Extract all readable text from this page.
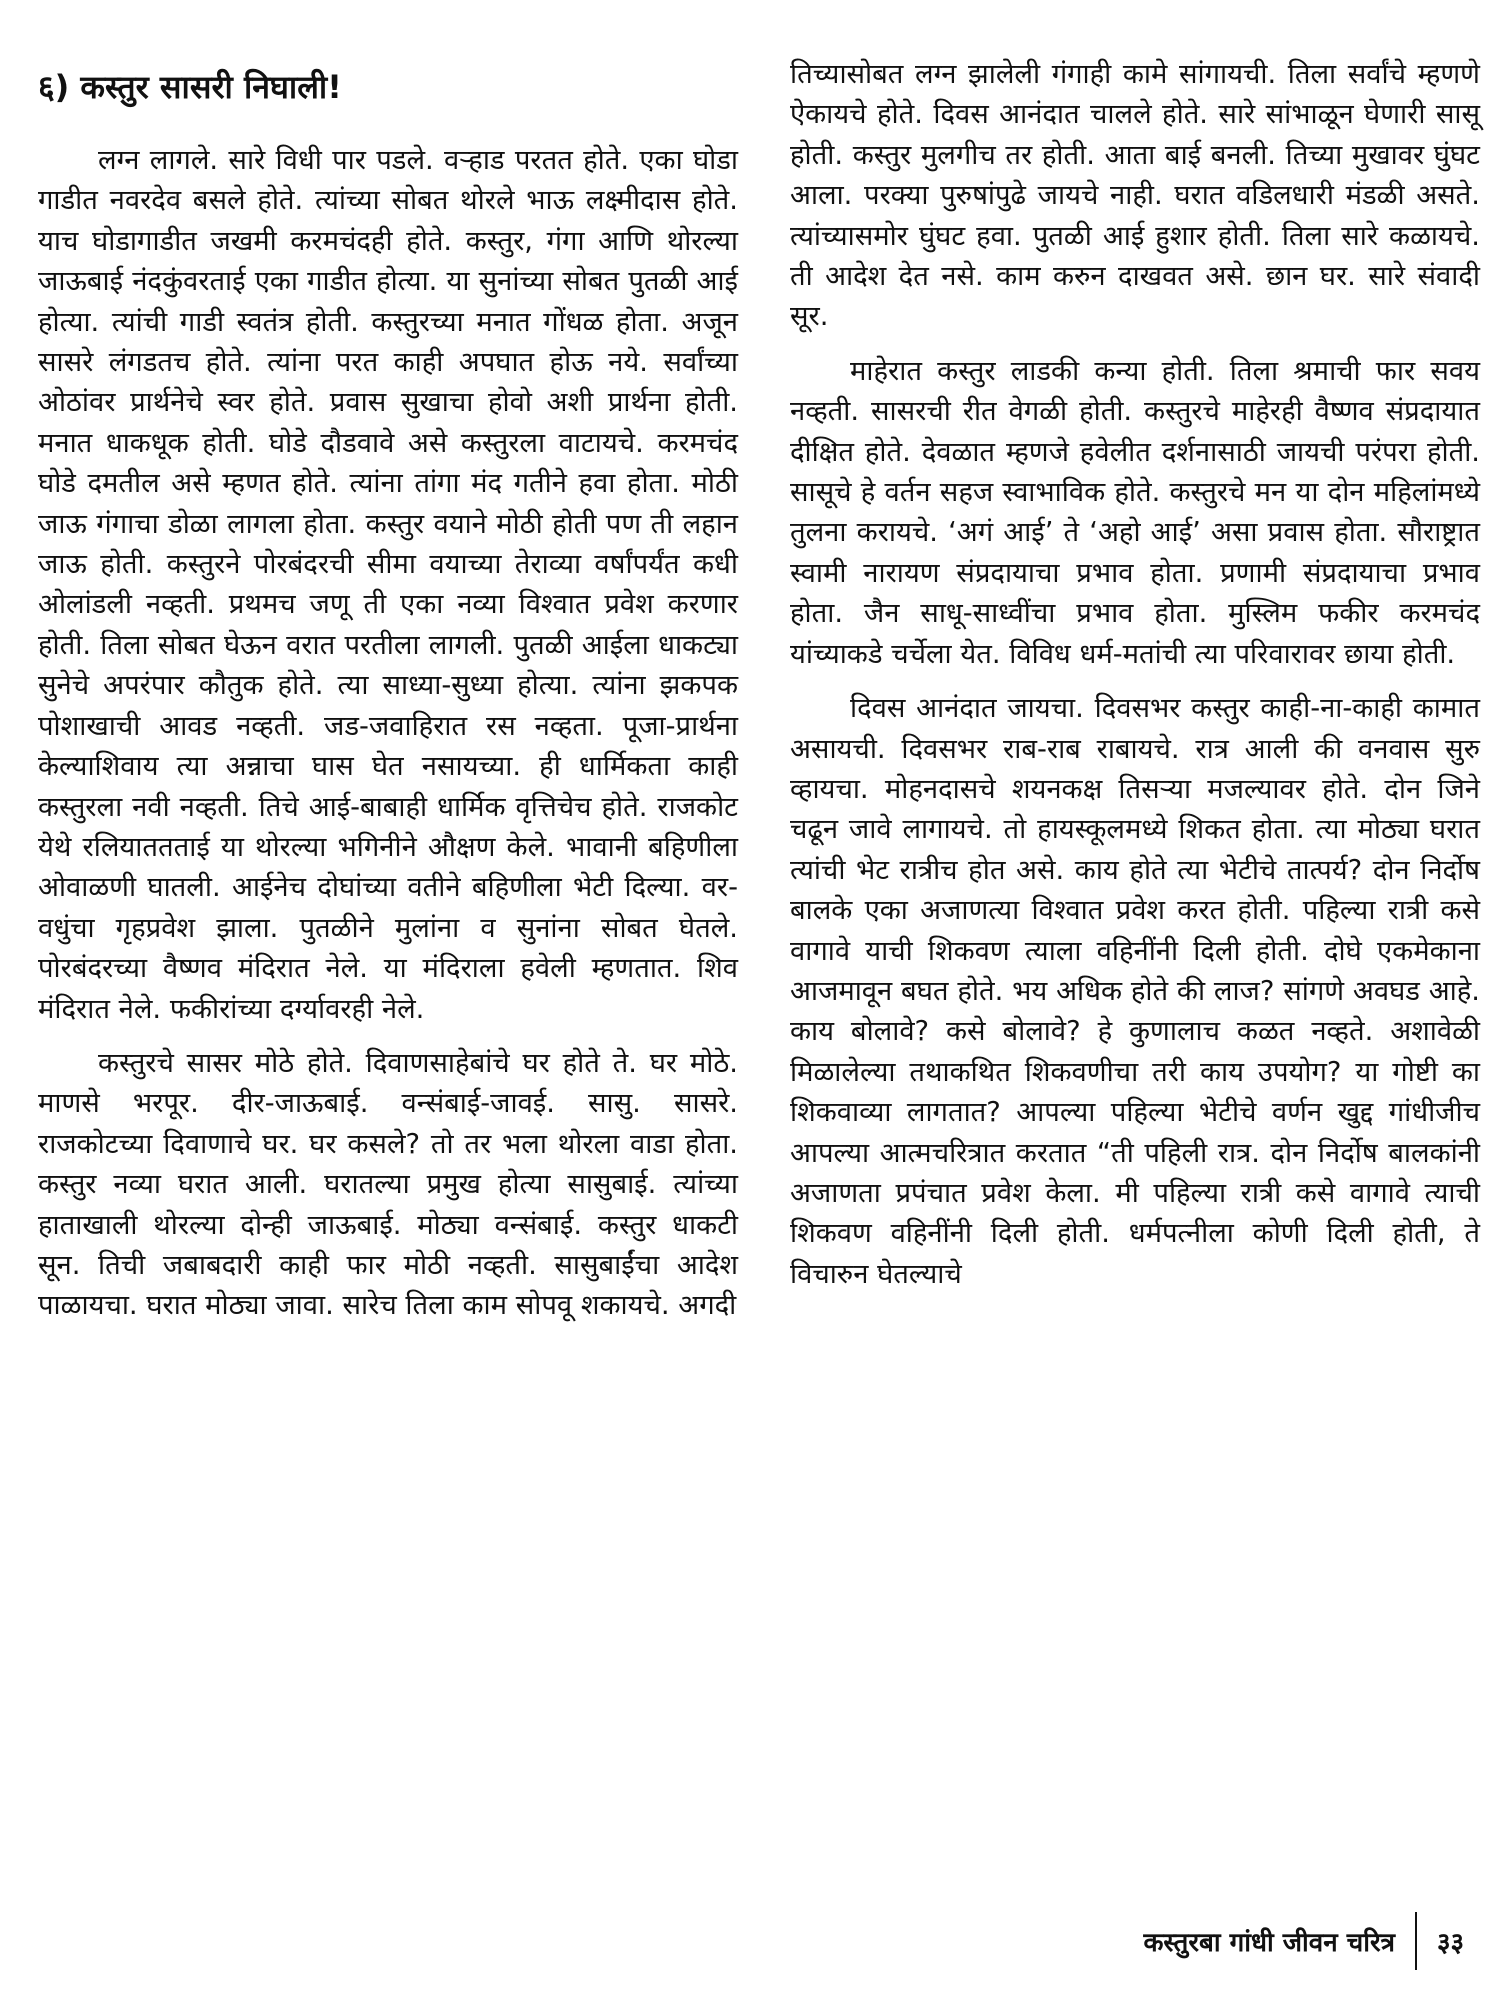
६) कस्तुर सासरी निघाली!

लग्न लागले. सारे विधी पार पडले. वऱ्हाड परतत होते. एका घोडा गाडीत नवरदेव बसले होते. त्यांच्या सोबत थोरले भाऊ लक्ष्मीदास होते. याच घोडागाडीत जखमी करमचंदही होते. कस्तुर, गंगा आणि थोरल्या जाऊबाई नंदकुंवरताई एका गाडीत होत्या. या सुनांच्या सोबत पुतळी आई होत्या. त्यांची गाडी स्वतंत्र होती. कस्तुरच्या मनात गोंधळ होता. अजून सासरे लंगडतच होते. त्यांना परत काही अपघात होऊ नये. सर्वांच्या ओठांवर प्रार्थनेचे स्वर होते. प्रवास सुखाचा होवो अशी प्रार्थना होती. मनात धाकधूक होती. घोडे दौडवावे असे कस्तुरला वाटायचे. करमचंद घोडे दमतील असे म्हणत होते. त्यांना तांगा मंद गतीने हवा होता. मोठी जाऊ गंगाचा डोळा लागला होता. कस्तुर वयाने मोठी होती पण ती लहान जाऊ होती. कस्तुरने पोरबंदरची सीमा वयाच्या तेराव्या वर्षांपर्यंत कधी ओलांडली नव्हती. प्रथमच जणू ती एका नव्या विश्वात प्रवेश करणार होती. तिला सोबत घेऊन वरात परतीला लागली. पुतळी आईला धाकट्या सुनेचे अपरंपार कौतुक होते. त्या साध्या-सुध्या होत्या. त्यांना झकपक पोशाखाची आवड नव्हती. जड-जवाहिरात रस नव्हता. पूजा-प्रार्थना केल्याशिवाय त्या अन्नाचा घास घेत नसायच्या. ही धार्मिकता काही कस्तुरला नवी नव्हती. तिचे आई-बाबाही धार्मिक वृत्तिचेच होते. राजकोट येथे रलियाततताई या थोरल्या भगिनीने औक्षण केले. भावानी बहिणीला ओवाळणी घातली. आईनेच दोघांच्या वतीने बहिणीला भेटी दिल्या. वर-वधुंचा गृहप्रवेश झाला. पुतळीने मुलांना व सुनांना सोबत घेतले. पोरबंदरच्या वैष्णव मंदिरात नेले. या मंदिराला हवेली म्हणतात. शिव मंदिरात नेले. फकीरांच्या दर्ग्यावरही नेले.

कस्तुरचे सासर मोठे होते. दिवाणसाहेबांचे घर होते ते. घर मोठे. माणसे भरपूर. दीर-जाऊबाई. वन्संबाई-जावई. सासु. सासरे. राजकोटच्या दिवाणाचे घर. घर कसले? तो तर भला थोरला वाडा होता. कस्तुर नव्या घरात आली. घरातल्या प्रमुख होत्या सासुबाई. त्यांच्या हाताखाली थोरल्या दोन्ही जाऊबाई. मोठ्या वन्संबाई. कस्तुर धाकटी सून. तिची जबाबदारी काही फार मोठी नव्हती. सासुबाईंचा आदेश पाळायचा. घरात मोठ्या जावा. सारेच तिला काम सोपवू शकायचे. अगदी

तिच्यासोबत लग्न झालेली गंगाही कामे सांगायची. तिला सर्वांचे म्हणणे ऐकायचे होते. दिवस आनंदात चालले होते. सारे सांभाळून घेणारी सासू होती. कस्तुर मुलगीच तर होती. आता बाई बनली. तिच्या मुखावर घुंघट आला. परक्या पुरुषांपुढे जायचे नाही. घरात वडिलधारी मंडळी असते. त्यांच्यासमोर घुंघट हवा. पुतळी आई हुशार होती. तिला सारे कळायचे. ती आदेश देत नसे. काम करुन दाखवत असे. छान घर. सारे संवादी सूर.

माहेरात कस्तुर लाडकी कन्या होती. तिला श्रमाची फार सवय नव्हती. सासरची रीत वेगळी होती. कस्तुरचे माहेरही वैष्णव संप्रदायात दीक्षित होते. देवळात म्हणजे हवेलीत दर्शनासाठी जायची परंपरा होती. सासूचे हे वर्तन सहज स्वाभाविक होते. कस्तुरचे मन या दोन महिलांमध्ये तुलना करायचे. ‘अगं आई’ ते ‘अहो आई’ असा प्रवास होता. सौराष्ट्रात स्वामी नारायण संप्रदायाचा प्रभाव होता. प्रणामी संप्रदायाचा प्रभाव होता. जैन साधू-साध्वींचा प्रभाव होता. मुस्लिम फकीर करमचंद यांच्याकडे चर्चेला येत. विविध धर्म-मतांची त्या परिवारावर छाया होती.

दिवस आनंदात जायचा. दिवसभर कस्तुर काही-ना-काही कामात असायची. दिवसभर राब-राब राबायचे. रात्र आली की वनवास सुरु व्हायचा. मोहनदासचे शयनकक्ष तिसऱ्या मजल्यावर होते. दोन जिने चढून जावे लागायचे. तो हायस्कूलमध्ये शिकत होता. त्या मोठ्या घरात त्यांची भेट रात्रीच होत असे. काय होते त्या भेटीचे तात्पर्य? दोन निर्दोष बालके एका अजाणत्या विश्वात प्रवेश करत होती. पहिल्या रात्री कसे वागावे याची शिकवण त्याला वहिनींनी दिली होती. दोघे एकमेकाना आजमावून बघत होते. भय अधिक होते की लाज? सांगणे अवघड आहे. काय बोलावे? कसे बोलावे? हे कुणालाच कळत नव्हते. अशावेळी मिळालेल्या तथाकथित शिकवणीचा तरी काय उपयोग? या गोष्टी का शिकवाव्या लागतात? आपल्या पहिल्या भेटीचे वर्णन खुद्द गांधीजीच आपल्या आत्मचरित्रात करतात “ती पहिली रात्र. दोन निर्दोष बालकांनी अजाणता प्रपंचात प्रवेश केला. मी पहिल्या रात्री कसे वागावे त्याची शिकवण वहिनींनी दिली होती. धर्मपत्नीला कोणी दिली होती, ते विचारुन घेतल्याचे

कस्तुरबा गांधी जीवन चरित्र ३३
